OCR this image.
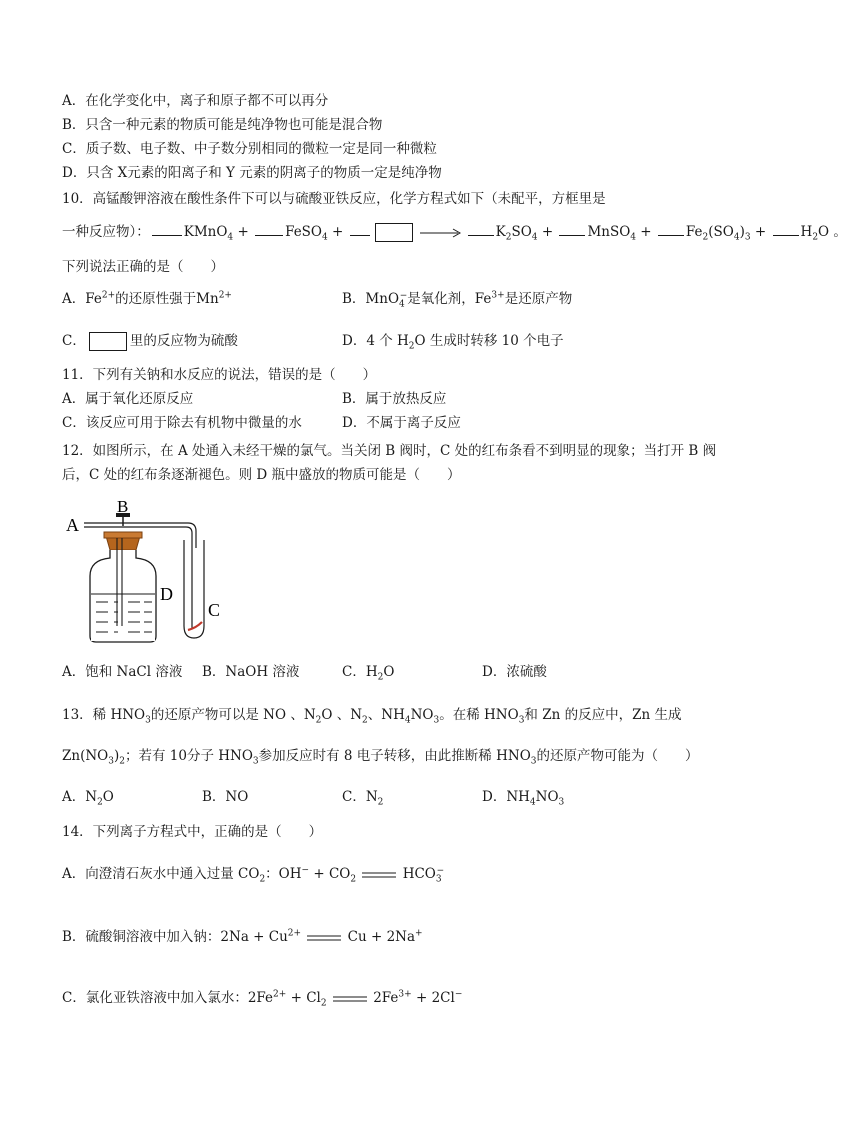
A．在化学变化中，离子和原子都不可以再分
B．只含一种元素的物质可能是纯净物也可能是混合物
C．质子数、电子数、中子数分别相同的微粒一定是同一种微粒
D．只含 X元素的阳离子和 Y 元素的阴离子的物质一定是纯净物
10．高锰酸钾溶液在酸性条件下可以与硫酸亚铁反应，化学方程式如下（未配平，方框里是
一种反应物）：	KMnO$_4$ + FeSO$_4$ +	$K_2SO_4$ + MnSO$_4$ + $Fe_2(SO_4)_3 + H_2O$ 。
下列说法正确的是（　　）
A．$Fe^{2+}$的还原性强于$Mn^{2+}$	B．MnO$_4$−是氧化剂，$Fe^{3+}$是还原产物
C．	里的反应物为硫酸	D．4 个 $H_2O$ 生成时转移 10 个电子
11．下列有关钠和水反应的说法，错误的是（　　）
A．属于氧化还原反应	B．属于放热反应
C．该反应可用于除去有机物中微量的水	D．不属于离子反应
12．如图所示，在 A 处通入未经干燥的氯气。当关闭 B 阀时，C 处的红布条看不到明显的现象；当打开 B 阀
后，C 处的红布条逐渐褪色。则 D 瓶中盛放的物质可能是（　　）
A
B
D
C
A．饱和 NaCl 溶液 B．NaOH 溶液	C．$H_2O$	D．浓硫酸
13．稀 $HNO_3$的还原产物可以是 NO 、$N_2O$ 、$N_2$、$NH_4NO_3$。在稀 $HNO_3$和 Zn 的反应中，Zn 生成
$Zn(NO_3)_2$；若有 10分子 $HNO_3$参加反应时有 8 电子转移，由此推断稀 $HNO_3$的还原产物可能为（　　）
A．$N_2O$	B．NO	C．$N_2$	D．$NH_4NO_3$
14．下列离子方程式中，正确的是（　　）
A．向澄清石灰水中通入过量 $CO_2$：$OH^- + CO_2$	$HCO_3^-$
B．硫酸铜溶液中加入钠：$2Na + Cu^{2+}$	Cu + 2Na+
C．氯化亚铁溶液中加入氯水：$2Fe^{2+} + Cl_2$	$2Fe^{3+} + 2Cl^-$
